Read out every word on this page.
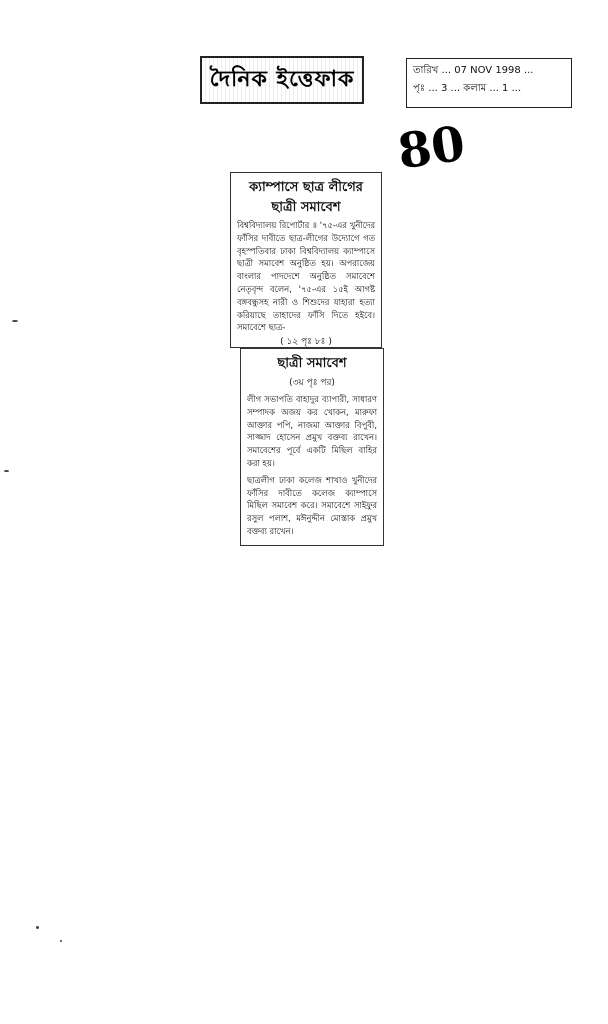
দৈনিক ইত্তেফাক	তারিখ ... 07 NOV 1998 ...
পৃঃ ... 3 ... কলাম ... 1 ...
80
ক্যাম্পাসে ছাত্র লীগের
ছাত্রী সমাবেশ
বিশ্ববিদ্যালয় রিপোর্টার ॥ '৭৫-এর খুনীদের ফাঁসির দাবীতে ছাত্র-লীগের উদ্যোগে গত বৃহস্পতিবার ঢাকা বিশ্ববিদ্যালয় ক্যাম্পাসে ছাত্রী সমাবেশ অনুষ্ঠিত হয়। অপরাজেয় বাংলার পাদদেশে অনুষ্ঠিত সমাবেশে নেতৃবৃন্দ বলেন, '৭৫-এর ১৫ই আগষ্ট বঙ্গবন্ধুসহ নারী ও শিশুদের যাহারা হত্যা করিয়াছে তাহাদের ফাঁসি দিতে হইবে। সমাবেশে ছাত্র-
( ১২ পৃঃ ৮ঃ )
ছাত্রী সমাবেশ
(৩য় পৃঃ পর)
লীগ সভাপতি বাহাদুর ব্যাপারী, সাধারণ সম্পাদক অজয় কর খোকন, মারুফা আক্তার পপি, নাজমা আক্তার বিপুবী, সাজ্জাদ হোসেন প্রমুখ বক্তব্য রাখেন। সমাবেশের পূর্বে একটি মিছিল বাহির করা হয়।
ছাত্রলীগ ঢাকা কলেজ শাখাও খুনীদের ফাঁসির দাবীতে কলেজ ক্যাম্পাসে মিছিল সমাবেশ করে। সমাবেশে সাইফুর রসুল পলাশ, মঈনুদ্দীন মোস্তাক প্রমুখ বক্তব্য রাখেন।
